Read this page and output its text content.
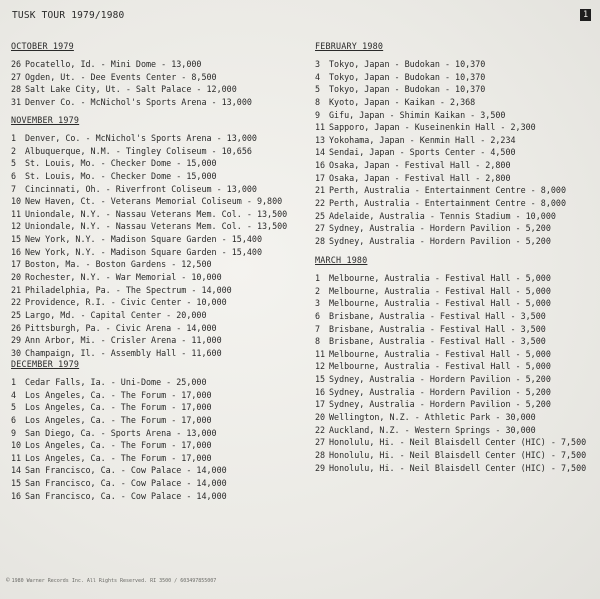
TUSK TOUR 1979/1980	1
OCTOBER 1979
26 Pocatello, Id. - Mini Dome - 13,000
27 Ogden, Ut. - Dee Events Center - 8,500
28 Salt Lake City, Ut. - Salt Palace - 12,000
31 Denver Co. - McNichol's Sports Arena - 13,000
NOVEMBER 1979
1	Denver, Co. - McNichol's Sports Arena - 13,000
2	Albuquerque, N.M. - Tingley Coliseum - 10,656
5	St. Louis, Mo. - Checker Dome - 15,000
6	St. Louis, Mo. - Checker Dome - 15,000
7	Cincinnati, Oh. - Riverfront Coliseum - 13,000
10 New Haven, Ct. - Veterans Memorial Coliseum - 9,800
11 Uniondale, N.Y. - Nassau Veterans Mem. Col. - 13,500
12 Uniondale, N.Y. - Nassau Veterans Mem. Col. - 13,500
15 New York, N.Y. - Madison Square Garden - 15,400
16 New York, N.Y. - Madison Square Garden - 15,400
17 Boston, Ma. - Boston Gardens - 12,500
20 Rochester, N.Y. - War Memorial - 10,000
21 Philadelphia, Pa. - The Spectrum - 14,000
22 Providence, R.I. - Civic Center - 10,000
25 Largo, Md. - Capital Center - 20,000
26 Pittsburgh, Pa. - Civic Arena - 14,000
29 Ann Arbor, Mi. - Crisler Arena - 11,000
30 Champaign, Il. - Assembly Hall - 11,600
DECEMBER 1979
1	Cedar Falls, Ia. - Uni-Dome - 25,000
4	Los Angeles, Ca. - The Forum - 17,000
5	Los Angeles, Ca. - The Forum - 17,000
6	Los Angeles, Ca. - The Forum - 17,000
9	San Diego, Ca. - Sports Arena - 13,000
10 Los Angeles, Ca. - The Forum - 17,000
11 Los Angeles, Ca. - The Forum - 17,000
14 San Francisco, Ca. - Cow Palace - 14,000
15 San Francisco, Ca. - Cow Palace - 14,000
16 San Francisco, Ca. - Cow Palace - 14,000
FEBRUARY 1980
3	Tokyo, Japan - Budokan - 10,370
4	Tokyo, Japan - Budokan - 10,370
5	Tokyo, Japan - Budokan - 10,370
8	Kyoto, Japan - Kaikan - 2,368
9	Gifu, Japan - Shimin Kaikan - 3,500
11 Sapporo, Japan - Kuseinenkin Hall - 2,300
13 Yokohama, Japan - Kenmin Hall - 2,234
14 Sendai, Japan - Sports Center - 4,500
16 Osaka, Japan - Festival Hall - 2,800
17 Osaka, Japan - Festival Hall - 2,800
21 Perth, Australia - Entertainment Centre - 8,000
22 Perth, Australia - Entertainment Centre - 8,000
25 Adelaide, Australia - Tennis Stadium - 10,000
27 Sydney, Australia - Hordern Pavilion - 5,200
28 Sydney, Australia - Hordern Pavilion - 5,200
MARCH 1980
1	Melbourne, Australia - Festival Hall - 5,000
2	Melbourne, Australia - Festival Hall - 5,000
3	Melbourne, Australia - Festival Hall - 5,000
6	Brisbane, Australia - Festival Hall - 3,500
7	Brisbane, Australia - Festival Hall - 3,500
8	Brisbane, Australia - Festival Hall - 3,500
11 Melbourne, Australia - Festival Hall - 5,000
12 Melbourne, Australia - Festival Hall - 5,000
15 Sydney, Australia - Hordern Pavilion - 5,200
16 Sydney, Australia - Hordern Pavilion - 5,200
17 Sydney, Australia - Hordern Pavilion - 5,200
20 Wellington, N.Z. - Athletic Park - 30,000
22 Auckland, N.Z. - Western Springs - 30,000
27 Honolulu, Hi. - Neil Blaisdell Center (HIC) - 7,500
28 Honolulu, Hi. - Neil Blaisdell Center (HIC) - 7,500
29 Honolulu, Hi. - Neil Blaisdell Center (HIC) - 7,500
© 1980 Warner Records Inc. All Rights Reserved. RI 3500 / 603497855007
